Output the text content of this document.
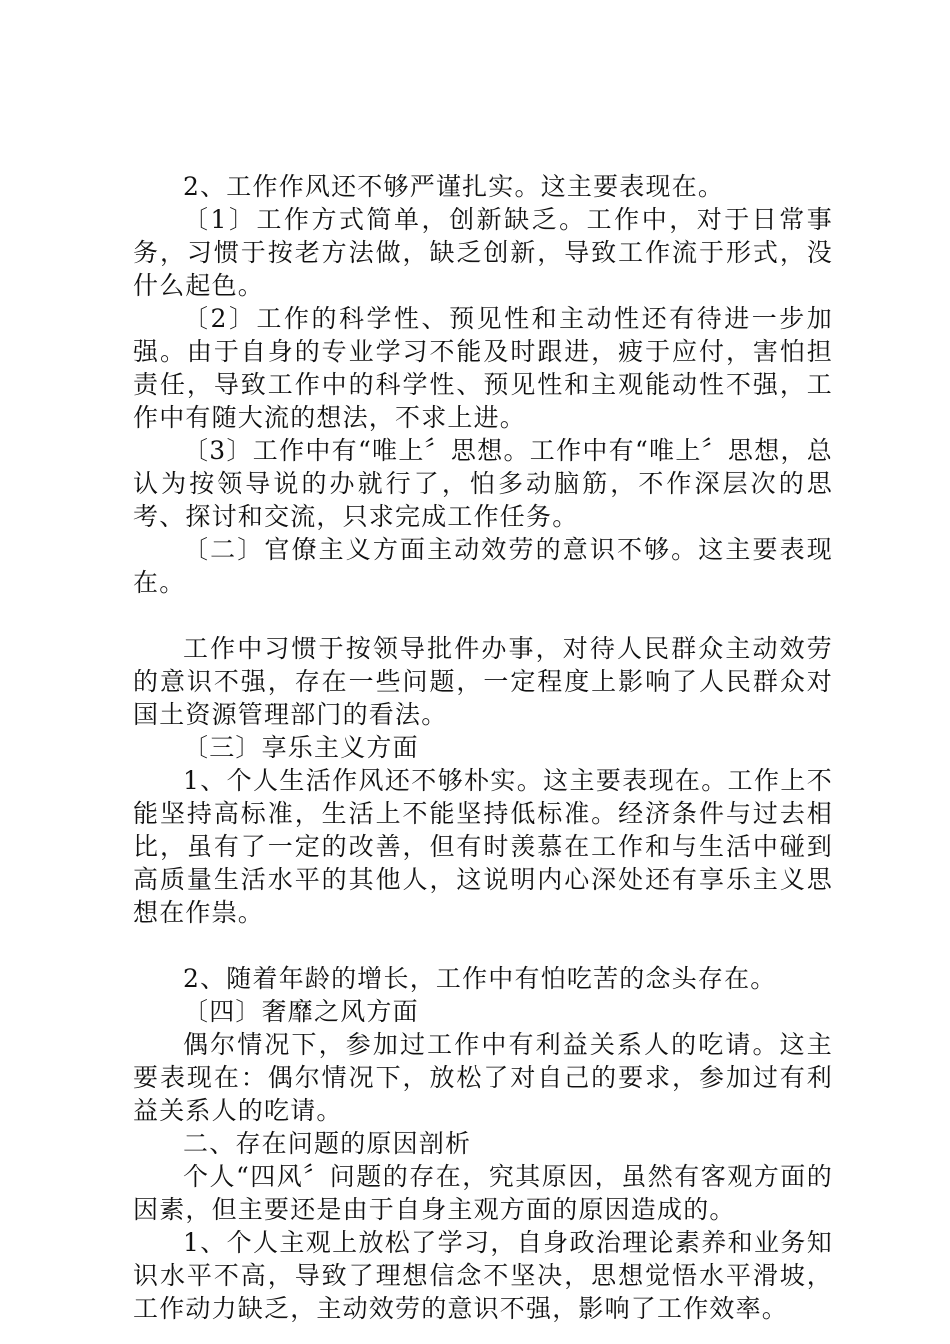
2、工作作风还不够严谨扎实。这主要表现在。

〔1〕工作方式简单，创新缺乏。工作中，对于日常事务，习惯于按老方法做，缺乏创新，导致工作流于形式，没什么起色。

〔2〕工作的科学性、预见性和主动性还有待进一步加强。由于自身的专业学习不能及时跟进，疲于应付，害怕担责任，导致工作中的科学性、预见性和主观能动性不强，工作中有随大流的想法，不求上进。

〔3〕工作中有“唯上〞思想。工作中有“唯上〞思想，总认为按领导说的办就行了，怕多动脑筋，不作深层次的思考、探讨和交流，只求完成工作任务。

〔二〕官僚主义方面主动效劳的意识不够。这主要表现在。

工作中习惯于按领导批件办事，对待人民群众主动效劳的意识不强，存在一些问题，一定程度上影响了人民群众对国土资源管理部门的看法。

〔三〕享乐主义方面

1、个人生活作风还不够朴实。这主要表现在。工作上不能坚持高标准，生活上不能坚持低标准。经济条件与过去相比，虽有了一定的改善，但有时羡慕在工作和与生活中碰到高质量生活水平的其他人，这说明内心深处还有享乐主义思想在作祟。

2、随着年龄的增长，工作中有怕吃苦的念头存在。

〔四〕奢靡之风方面

偶尔情况下，参加过工作中有利益关系人的吃请。这主要表现在：偶尔情况下，放松了对自己的要求，参加过有利益关系人的吃请。

二、存在问题的原因剖析

个人“四风〞问题的存在，究其原因，虽然有客观方面的因素，但主要还是由于自身主观方面的原因造成的。

1、个人主观上放松了学习，自身政治理论素养和业务知识水平不高，导致了理想信念不坚决，思想觉悟水平滑坡，工作动力缺乏，主动效劳的意识不强，影响了工作效率。
